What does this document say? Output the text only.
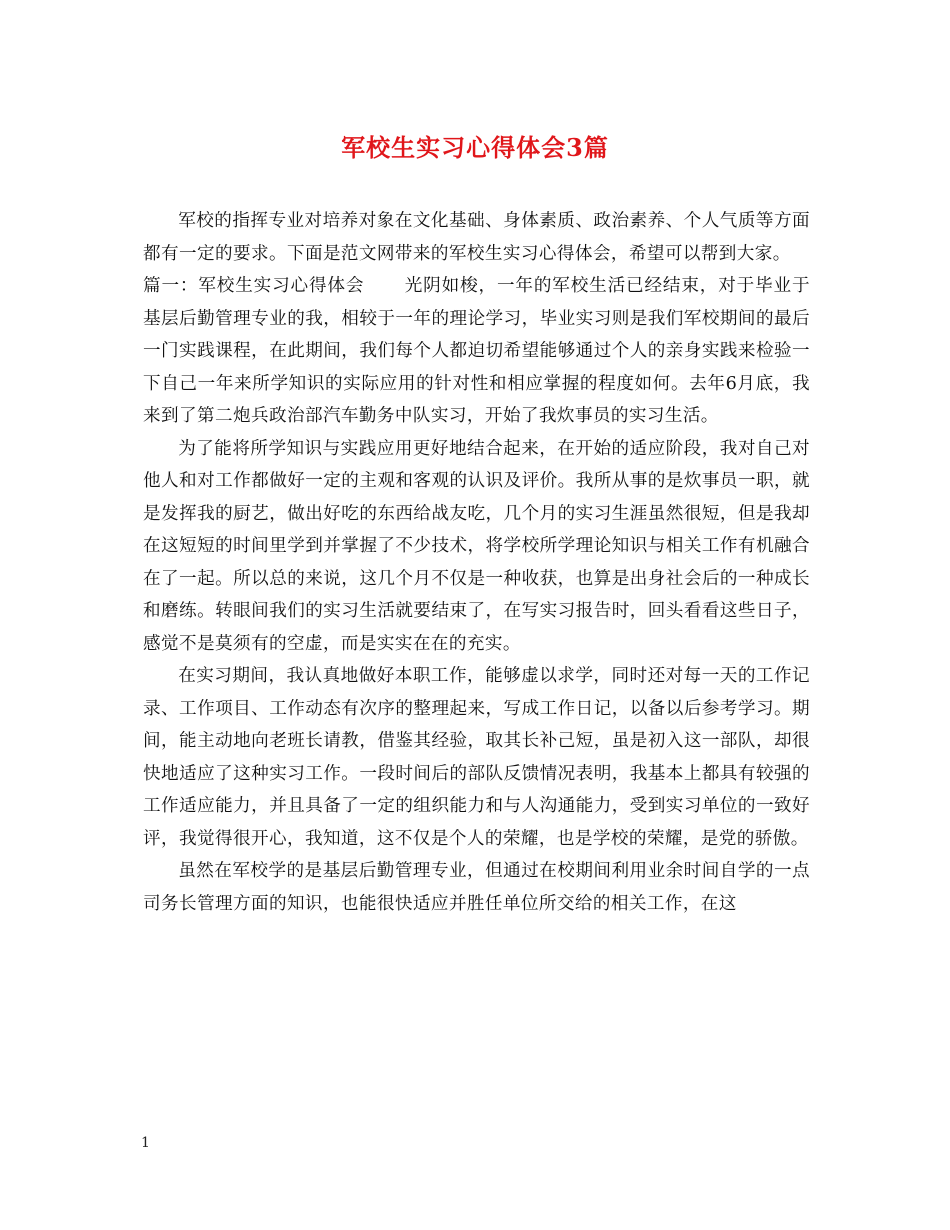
军校生实习心得体会3篇

军校的指挥专业对培养对象在文化基础、身体素质、政治素养、个人气质等方面都有一定的要求。下面是范文网带来的军校生实习心得体会，希望可以帮到大家。

篇一：军校生实习心得体会 光阴如梭，一年的军校生活已经结束，对于毕业于基层后勤管理专业的我，相较于一年的理论学习，毕业实习则是我们军校期间的最后一门实践课程，在此期间，我们每个人都迫切希望能够通过个人的亲身实践来检验一下自己一年来所学知识的实际应用的针对性和相应掌握的程度如何。去年6月底，我来到了第二炮兵政治部汽车勤务中队实习，开始了我炊事员的实习生活。

为了能将所学知识与实践应用更好地结合起来，在开始的适应阶段，我对自己对他人和对工作都做好一定的主观和客观的认识及评价。我所从事的是炊事员一职，就是发挥我的厨艺，做出好吃的东西给战友吃，几个月的实习生涯虽然很短，但是我却在这短短的时间里学到并掌握了不少技术，将学校所学理论知识与相关工作有机融合在了一起。所以总的来说，这几个月不仅是一种收获，也算是出身社会后的一种成长和磨练。转眼间我们的实习生活就要结束了，在写实习报告时，回头看看这些日子，感觉不是莫须有的空虚，而是实实在在的充实。

在实习期间，我认真地做好本职工作，能够虚以求学，同时还对每一天的工作记录、工作项目、工作动态有次序的整理起来，写成工作日记，以备以后参考学习。期间，能主动地向老班长请教，借鉴其经验，取其长补己短，虽是初入这一部队，却很快地适应了这种实习工作。一段时间后的部队反馈情况表明，我基本上都具有较强的工作适应能力，并且具备了一定的组织能力和与人沟通能力，受到实习单位的一致好评，我觉得很开心，我知道，这不仅是个人的荣耀，也是学校的荣耀，是党的骄傲。

虽然在军校学的是基层后勤管理专业，但通过在校期间利用业余时间自学的一点司务长管理方面的知识，也能很快适应并胜任单位所交给的相关工作，在这

1
